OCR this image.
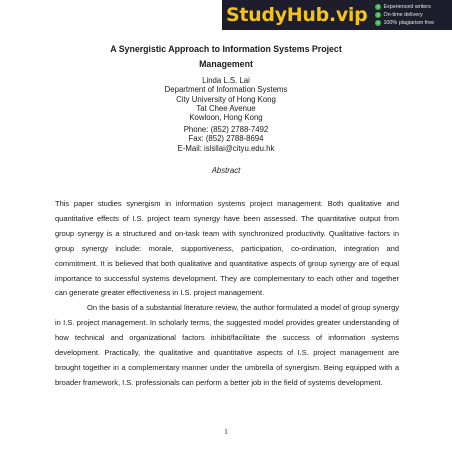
StudyHub.vip ✓ Experienced writers
✓ On-time delivery
✓ 100% plagiarism free
A Synergistic Approach to Information Systems Project
Management
Linda L.S. Lai
Department of Information Systems
City University of Hong Kong
Tat Chee Avenue
Kowloon, Hong Kong
Phone: (852) 2788-7492
Fax: (852) 2788-8694
E-Mail: islsllai@cityu.edu.hk
Abstract

This paper studies synergism in information systems project management. Both qualitative and quantitative effects of I.S. project team synergy have been assessed. The quantitative output from group synergy is a structured and on-task team with synchronized productivity. Qualitative factors in group synergy include: morale, supportiveness, participation, co-ordination, integration and commitment. It is believed that both qualitative and quantitative aspects of group synergy are of equal importance to successful systems development. They are complementary to each other and together can generate greater effectiveness in I.S. project management.

On the basis of a substantial literature review, the author formulated a model of group synergy in I.S. project management. In scholarly terms, the suggested model provides greater understanding of how technical and organizational factors inhibit/facilitate the success of information systems development. Practically, the qualitative and quantitative aspects of I.S. project management are brought together in a complementary manner under the umbrella of synergism. Being equipped with a broader framework, I.S. professionals can perform a better job in the field of systems development.

1
